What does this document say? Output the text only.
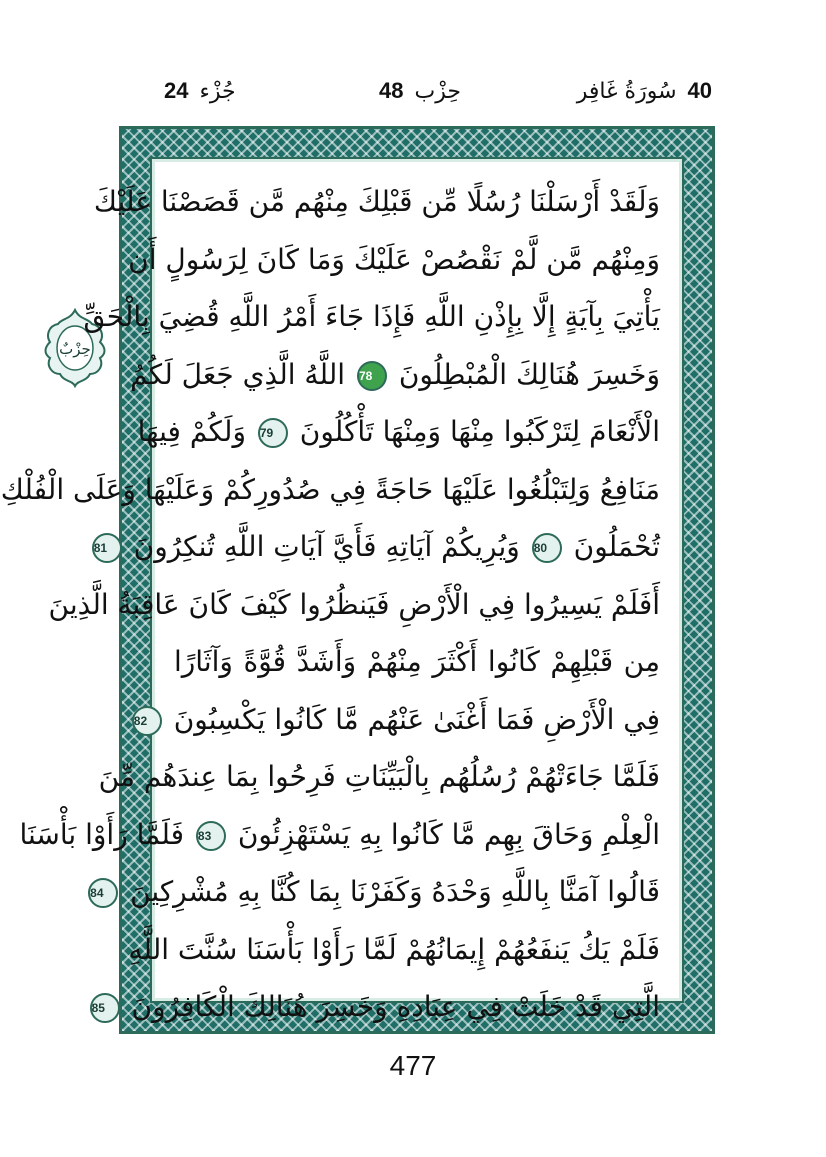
جُزْء 24	حِزْب 48	40 سُورَةُ غَافِر
حِزْبٌ
وَلَقَدْ أَرْسَلْنَا رُسُلًا مِّن قَبْلِكَ مِنْهُم مَّن قَصَصْنَا عَلَيْكَ
وَمِنْهُم مَّن لَّمْ نَقْصُصْ عَلَيْكَ وَمَا كَانَ لِرَسُولٍ أَن
يَأْتِيَ بِآيَةٍ إِلَّا بِإِذْنِ اللَّهِ فَإِذَا جَاءَ أَمْرُ اللَّهِ قُضِيَ بِالْحَقِّ
وَخَسِرَ هُنَالِكَ الْمُبْطِلُونَ 78 اللَّهُ الَّذِي جَعَلَ لَكُمُ
الْأَنْعَامَ لِتَرْكَبُوا مِنْهَا وَمِنْهَا تَأْكُلُونَ 79 وَلَكُمْ فِيهَا
مَنَافِعُ وَلِتَبْلُغُوا عَلَيْهَا حَاجَةً فِي صُدُورِكُمْ وَعَلَيْهَا وَعَلَى الْفُلْكِ
تُحْمَلُونَ 80 وَيُرِيكُمْ آيَاتِهِ فَأَيَّ آيَاتِ اللَّهِ تُنكِرُونَ 81
أَفَلَمْ يَسِيرُوا فِي الْأَرْضِ فَيَنظُرُوا كَيْفَ كَانَ عَاقِبَةُ الَّذِينَ
مِن قَبْلِهِمْ كَانُوا أَكْثَرَ مِنْهُمْ وَأَشَدَّ قُوَّةً وَآثَارًا
فِي الْأَرْضِ فَمَا أَغْنَىٰ عَنْهُم مَّا كَانُوا يَكْسِبُونَ 82
فَلَمَّا جَاءَتْهُمْ رُسُلُهُم بِالْبَيِّنَاتِ فَرِحُوا بِمَا عِندَهُم مِّنَ
الْعِلْمِ وَحَاقَ بِهِم مَّا كَانُوا بِهِ يَسْتَهْزِئُونَ 83 فَلَمَّا رَأَوْا بَأْسَنَا
قَالُوا آمَنَّا بِاللَّهِ وَحْدَهُ وَكَفَرْنَا بِمَا كُنَّا بِهِ مُشْرِكِينَ 84
فَلَمْ يَكُ يَنفَعُهُمْ إِيمَانُهُمْ لَمَّا رَأَوْا بَأْسَنَا سُنَّتَ اللَّهِ
الَّتِي قَدْ خَلَتْ فِي عِبَادِهِ وَخَسِرَ هُنَالِكَ الْكَافِرُونَ 85
477
